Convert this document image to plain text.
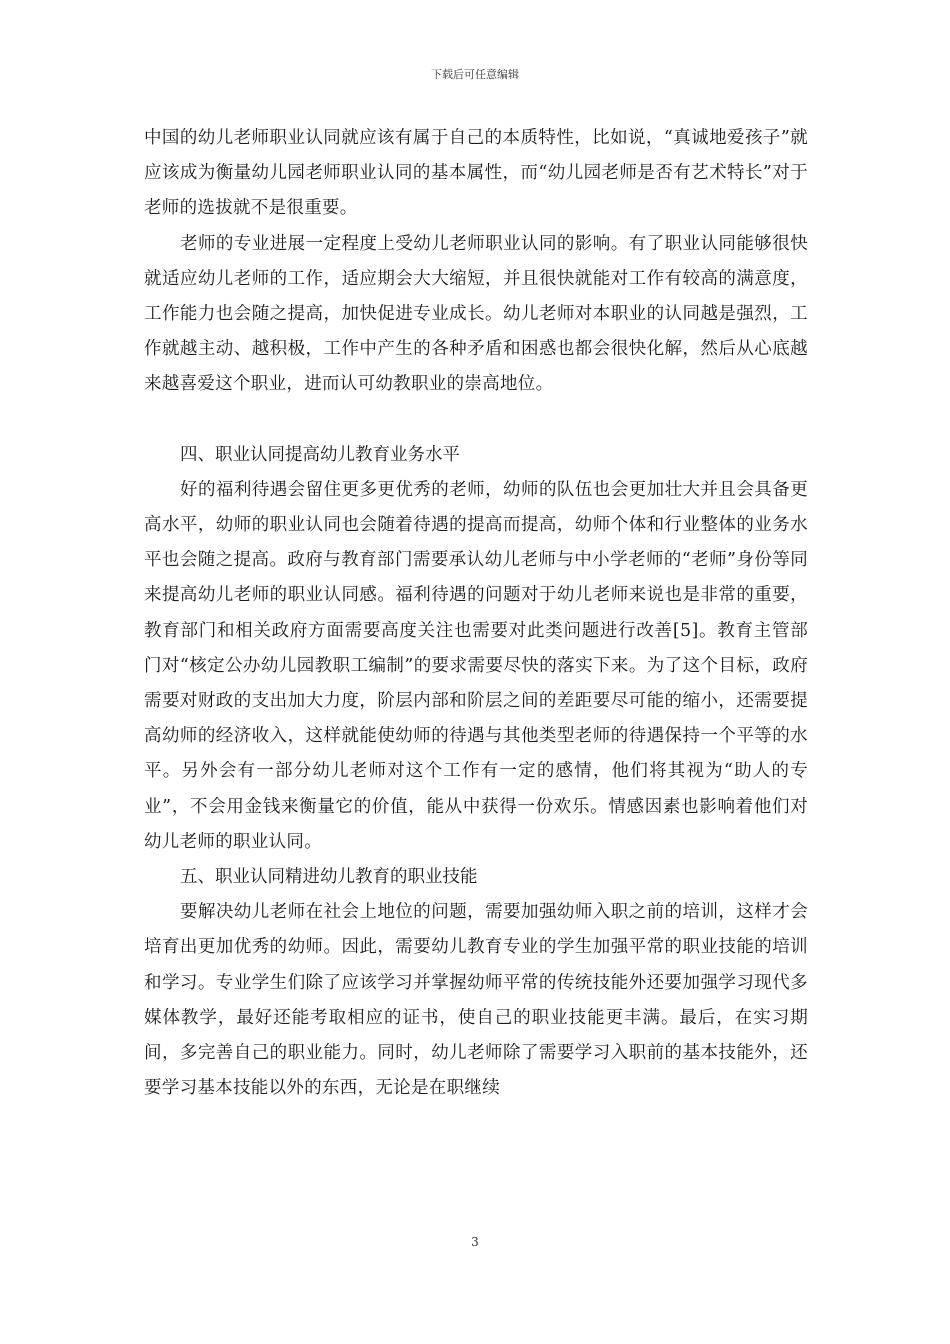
下载后可任意编辑

中国的幼儿老师职业认同就应该有属于自己的本质特性，比如说，“真诚地爱孩子”就应该成为衡量幼儿园老师职业认同的基本属性，而“幼儿园老师是否有艺术特长”对于老师的选拔就不是很重要。

老师的专业进展一定程度上受幼儿老师职业认同的影响。有了职业认同能够很快就适应幼儿老师的工作，适应期会大大缩短，并且很快就能对工作有较高的满意度，工作能力也会随之提高，加快促进专业成长。幼儿老师对本职业的认同越是强烈，工作就越主动、越积极，工作中产生的各种矛盾和困惑也都会很快化解，然后从心底越来越喜爱这个职业，进而认可幼教职业的崇高地位。

四、职业认同提高幼儿教育业务水平

好的福利待遇会留住更多更优秀的老师，幼师的队伍也会更加壮大并且会具备更高水平，幼师的职业认同也会随着待遇的提高而提高，幼师个体和行业整体的业务水平也会随之提高。政府与教育部门需要承认幼儿老师与中小学老师的“老师”身份等同来提高幼儿老师的职业认同感。福利待遇的问题对于幼儿老师来说也是非常的重要，教育部门和相关政府方面需要高度关注也需要对此类问题进行改善[5]。教育主管部门对“核定公办幼儿园教职工编制”的要求需要尽快的落实下来。为了这个目标，政府需要对财政的支出加大力度，阶层内部和阶层之间的差距要尽可能的缩小，还需要提高幼师的经济收入，这样就能使幼师的待遇与其他类型老师的待遇保持一个平等的水平。另外会有一部分幼儿老师对这个工作有一定的感情，他们将其视为“助人的专业”，不会用金钱来衡量它的价值，能从中获得一份欢乐。情感因素也影响着他们对幼儿老师的职业认同。

五、职业认同精进幼儿教育的职业技能

要解决幼儿老师在社会上地位的问题，需要加强幼师入职之前的培训，这样才会培育出更加优秀的幼师。因此，需要幼儿教育专业的学生加强平常的职业技能的培训和学习。专业学生们除了应该学习并掌握幼师平常的传统技能外还要加强学习现代多媒体教学，最好还能考取相应的证书，使自己的职业技能更丰满。最后，在实习期间，多完善自己的职业能力。同时，幼儿老师除了需要学习入职前的基本技能外，还要学习基本技能以外的东西，无论是在职继续

3
